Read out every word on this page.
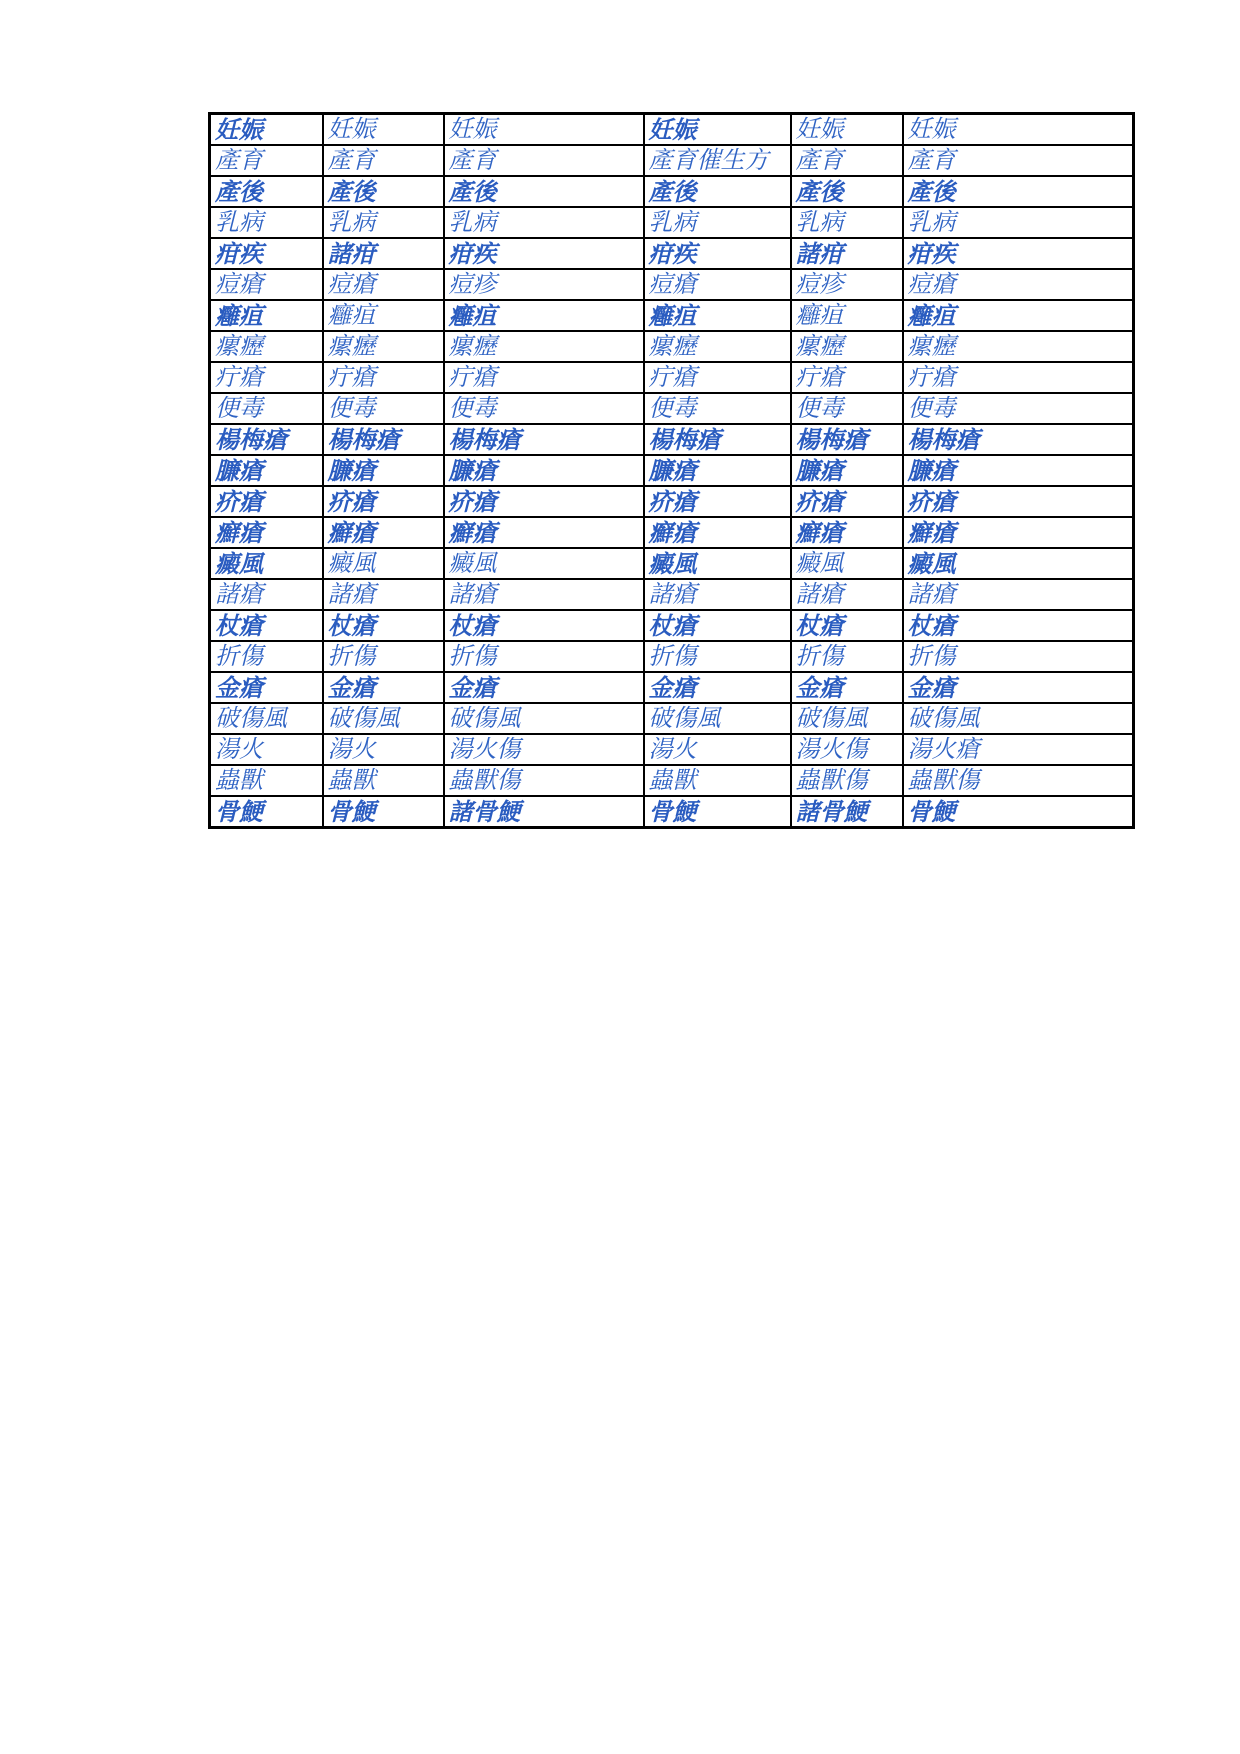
妊娠	妊娠	妊娠	妊娠	妊娠	妊娠
產育	產育	產育	產育催生方	產育	產育
產後	產後	產後	產後	產後	產後
乳病	乳病	乳病	乳病	乳病	乳病
疳疾	諸疳	疳疾	疳疾	諸疳	疳疾
痘瘡	痘瘡	痘疹	痘瘡	痘疹	痘瘡
癰疽	癰疽	癰疽	癰疽	癰疽	癰疽
瘰癧	瘰癧	瘰癧	瘰癧	瘰癧	瘰癧
疔瘡	疔瘡	疔瘡	疔瘡	疔瘡	疔瘡
便毒	便毒	便毒	便毒	便毒	便毒
楊梅瘡	楊梅瘡	楊梅瘡	楊梅瘡	楊梅瘡	楊梅瘡
臁瘡	臁瘡	臁瘡	臁瘡	臁瘡	臁瘡
疥瘡	疥瘡	疥瘡	疥瘡	疥瘡	疥瘡
癬瘡	癬瘡	癬瘡	癬瘡	癬瘡	癬瘡
癜風	癜風	癜風	癜風	癜風	癜風
諸瘡	諸瘡	諸瘡	諸瘡	諸瘡	諸瘡
杖瘡	杖瘡	杖瘡	杖瘡	杖瘡	杖瘡
折傷	折傷	折傷	折傷	折傷	折傷
金瘡	金瘡	金瘡	金瘡	金瘡	金瘡
破傷風	破傷風	破傷風	破傷風	破傷風	破傷風
湯火	湯火	湯火傷	湯火	湯火傷	湯火瘡
蟲獸	蟲獸	蟲獸傷	蟲獸	蟲獸傷	蟲獸傷
骨鯁	骨鯁	諸骨鯁	骨鯁	諸骨鯁	骨鯁
